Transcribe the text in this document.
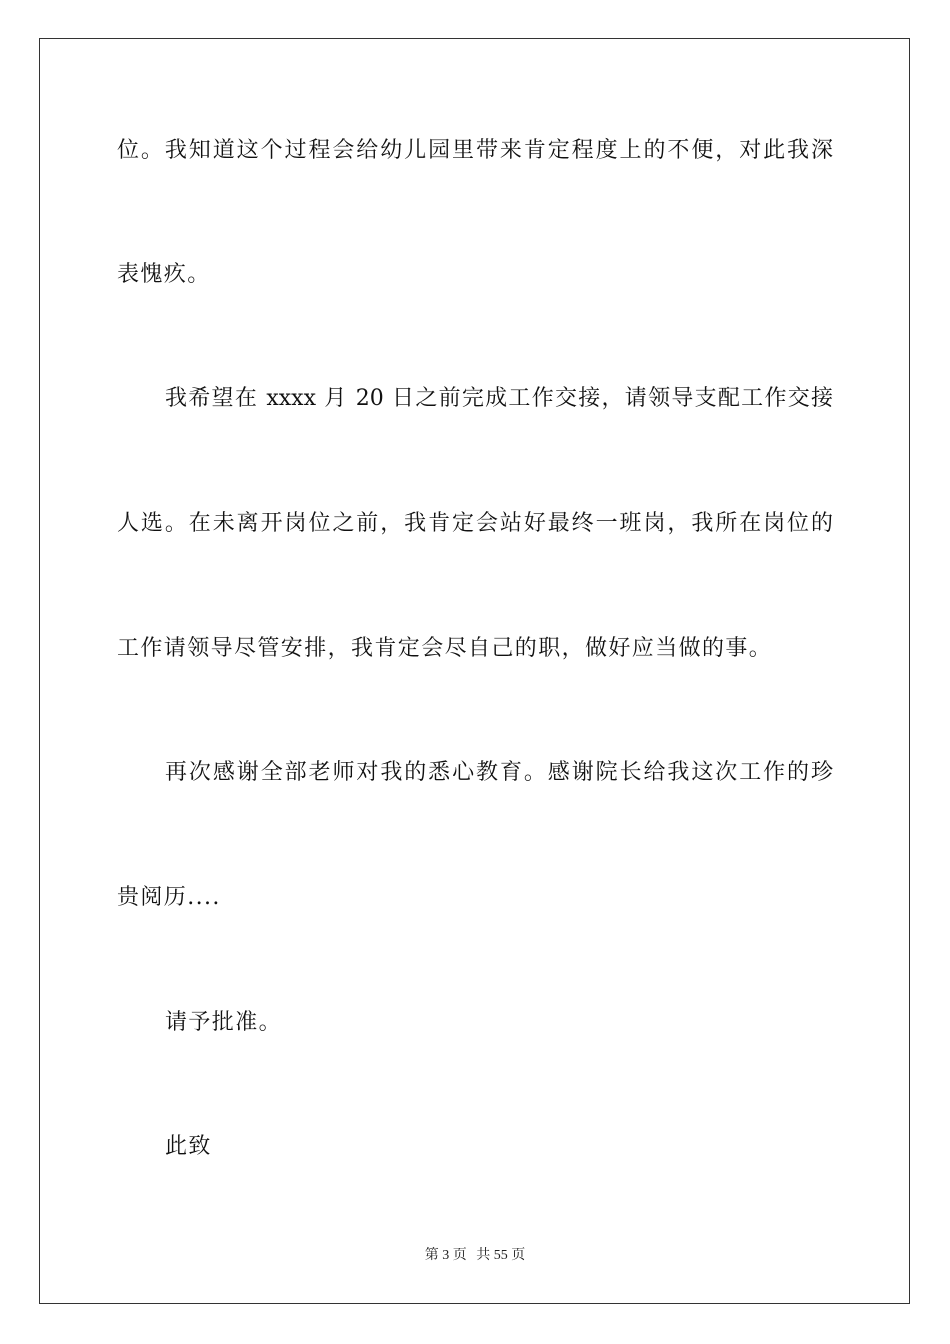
位。我知道这个过程会给幼儿园里带来肯定程度上的不便，对此我深
表愧疚。
我希望在 xxxx 月 20 日之前完成工作交接，请领导支配工作交接
人选。在未离开岗位之前，我肯定会站好最终一班岗，我所在岗位的
工作请领导尽管安排，我肯定会尽自己的职，做好应当做的事。
再次感谢全部老师对我的悉心教育。感谢院长给我这次工作的珍
贵阅历....
请予批准。
此致
第 3 页 共 55 页
